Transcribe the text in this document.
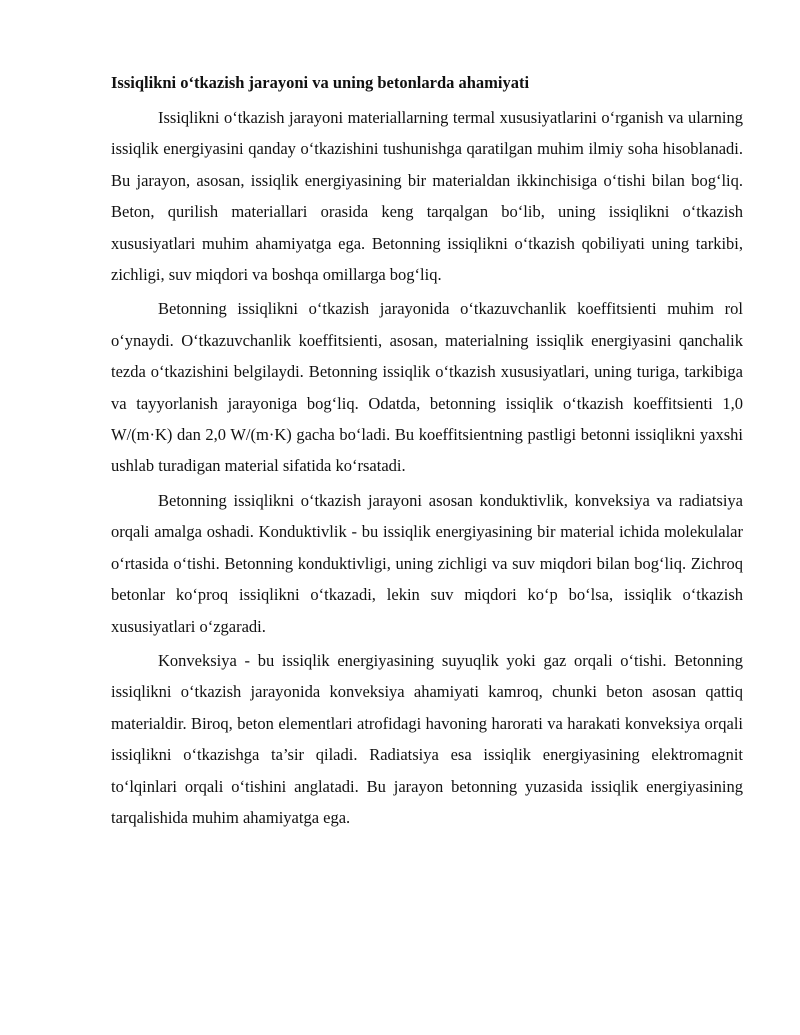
Issiqlikni o‘tkazish jarayoni va uning betonlarda ahamiyati

Issiqlikni o‘tkazish jarayoni materiallarning termal xususiyatlarini o‘rganish va ularning issiqlik energiyasini qanday o‘tkazishini tushunishga qaratilgan muhim ilmiy soha hisoblanadi. Bu jarayon, asosan, issiqlik energiyasining bir materialdan ikkinchisiga o‘tishi bilan bog‘liq. Beton, qurilish materiallari orasida keng tarqalgan bo‘lib, uning issiqlikni o‘tkazish xususiyatlari muhim ahamiyatga ega. Betonning issiqlikni o‘tkazish qobiliyati uning tarkibi, zichligi, suv miqdori va boshqa omillarga bog‘liq.

Betonning issiqlikni o‘tkazish jarayonida o‘tkazuvchanlik koeffitsienti muhim rol o‘ynaydi. O‘tkazuvchanlik koeffitsienti, asosan, materialning issiqlik energiyasini qanchalik tezda o‘tkazishini belgilaydi. Betonning issiqlik o‘tkazish xususiyatlari, uning turiga, tarkibiga va tayyorlanish jarayoniga bog‘liq. Odatda, betonning issiqlik o‘tkazish koeffitsienti 1,0 W/(m·K) dan 2,0 W/(m·K) gacha bo‘ladi. Bu koeffitsientning pastligi betonni issiqlikni yaxshi ushlab turadigan material sifatida ko‘rsatadi.

Betonning issiqlikni o‘tkazish jarayoni asosan konduktivlik, konveksiya va radiatsiya orqali amalga oshadi. Konduktivlik - bu issiqlik energiyasining bir material ichida molekulalar o‘rtasida o‘tishi. Betonning konduktivligi, uning zichligi va suv miqdori bilan bog‘liq. Zichroq betonlar ko‘proq issiqlikni o‘tkazadi, lekin suv miqdori ko‘p bo‘lsa, issiqlik o‘tkazish xususiyatlari o‘zgaradi.

Konveksiya - bu issiqlik energiyasining suyuqlik yoki gaz orqali o‘tishi. Betonning issiqlikni o‘tkazish jarayonida konveksiya ahamiyati kamroq, chunki beton asosan qattiq materialdir. Biroq, beton elementlari atrofidagi havoning harorati va harakati konveksiya orqali issiqlikni o‘tkazishga ta’sir qiladi. Radiatsiya esa issiqlik energiyasining elektromagnit to‘lqinlari orqali o‘tishini anglatadi. Bu jarayon betonning yuzasida issiqlik energiyasining tarqalishida muhim ahamiyatga ega.
